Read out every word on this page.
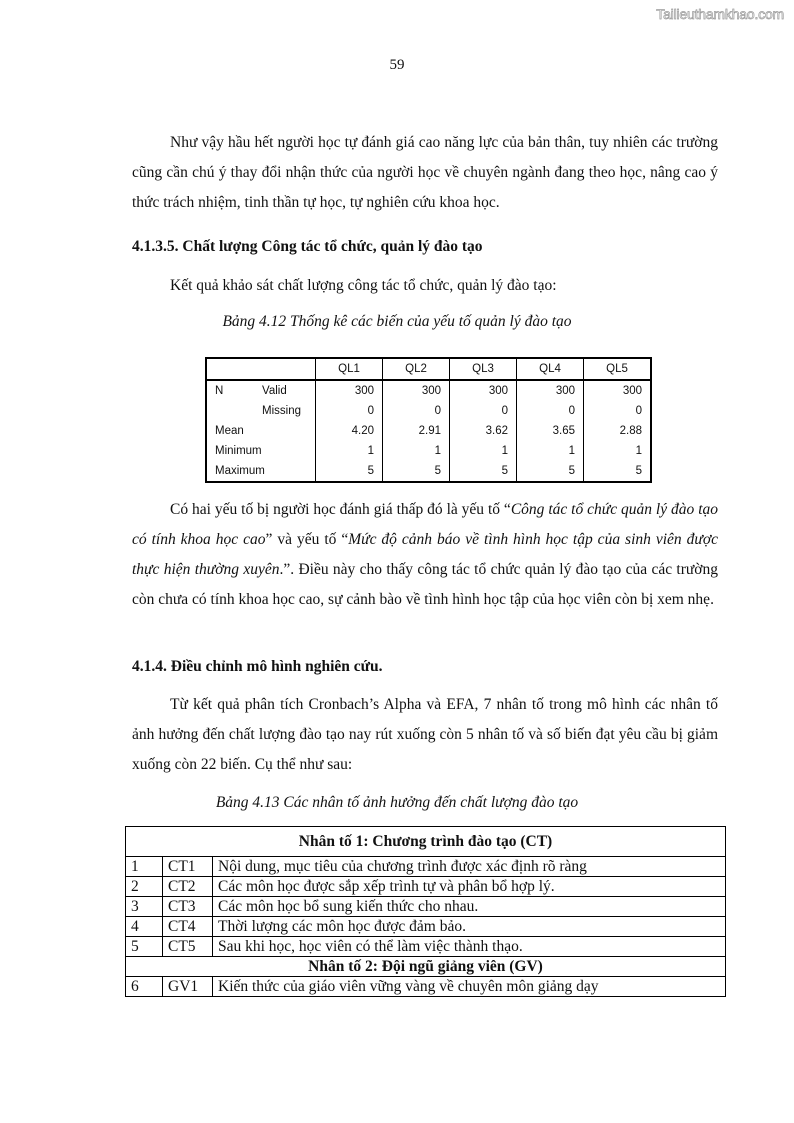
Tailieuthamkhao.com
59

Như vậy hầu hết người học tự đánh giá cao năng lực của bản thân, tuy nhiên các trường cũng cần chú ý thay đổi nhận thức của người học về chuyên ngành đang theo học, nâng cao ý thức trách nhiệm, tinh thần tự học, tự nghiên cứu khoa học.

4.1.3.5. Chất lượng Công tác tổ chức, quản lý đào tạo

Kết quả khảo sát chất lượng công tác tổ chức, quản lý đào tạo:

Bảng 4.12 Thống kê các biến của yếu tố quản lý đào tạo

	QL1	QL2	QL3	QL4	QL5

N Valid	300	300	300	300	300

Missing	0	0	0	0	0
Mean	4.20	2.91	3.62	3.65	2.88
Minimum	1	1	1	1	1
Maximum	5	5	5	5	5

Có hai yếu tố bị người học đánh giá thấp đó là yếu tố “Công tác tổ chức quản lý đào tạo có tính khoa học cao” và yếu tố “Mức độ cảnh báo về tình hình học tập của sinh viên được thực hiện thường xuyên.”. Điều này cho thấy công tác tổ chức quản lý đào tạo của các trường còn chưa có tính khoa học cao, sự cảnh bào về tình hình học tập của học viên còn bị xem nhẹ.

4.1.4. Điều chỉnh mô hình nghiên cứu.

Từ kết quả phân tích Cronbach’s Alpha và EFA, 7 nhân tố trong mô hình các nhân tố ảnh hưởng đến chất lượng đào tạo nay rút xuống còn 5 nhân tố và số biến đạt yêu cầu bị giảm xuống còn 22 biến. Cụ thể như sau:

Bảng 4.13 Các nhân tố ảnh hưởng đến chất lượng đào tạo

Nhân tố 1: Chương trình đào tạo (CT)		
1	CT1	Nội dung, mục tiêu của chương trình được xác định rõ ràng
2	CT2	Các môn học được sắp xếp trình tự và phân bổ hợp lý.
3	CT3	Các môn học bổ sung kiến thức cho nhau.
4	CT4	Thời lượng các môn học được đảm bảo.
5	CT5	Sau khi học, học viên có thể làm việc thành thạo.
Nhân tố 2: Đội ngũ giảng viên (GV)		
6	GV1	Kiến thức của giáo viên vững vàng về chuyên môn giảng dạy
